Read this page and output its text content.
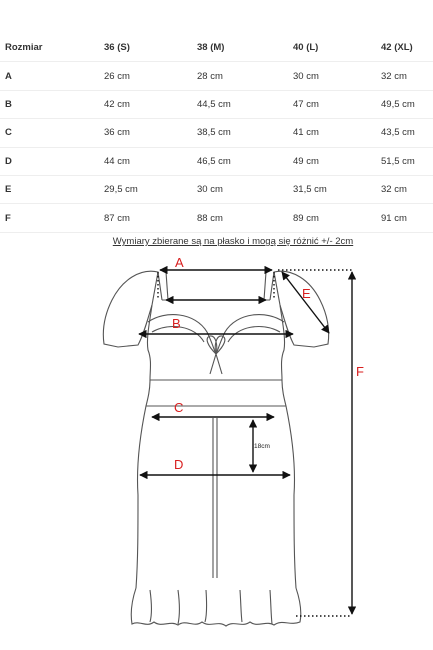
Rozmiar	36 (S)	38 (M)	40 (L)	42 (XL)
A	26 cm	28 cm	30 cm	32 cm
B	42 cm	44,5 cm	47 cm	49,5 cm
C	36 cm	38,5 cm	41 cm	43,5 cm
D	44 cm	46,5 cm	49 cm	51,5 cm
E	29,5 cm	30 cm	31,5 cm	32 cm
F	87 cm	88 cm	89 cm	91 cm
Wymiary zbierane są na płasko i mogą się różnić +/- 2cm
A
B
E
C
D
F
18cm
